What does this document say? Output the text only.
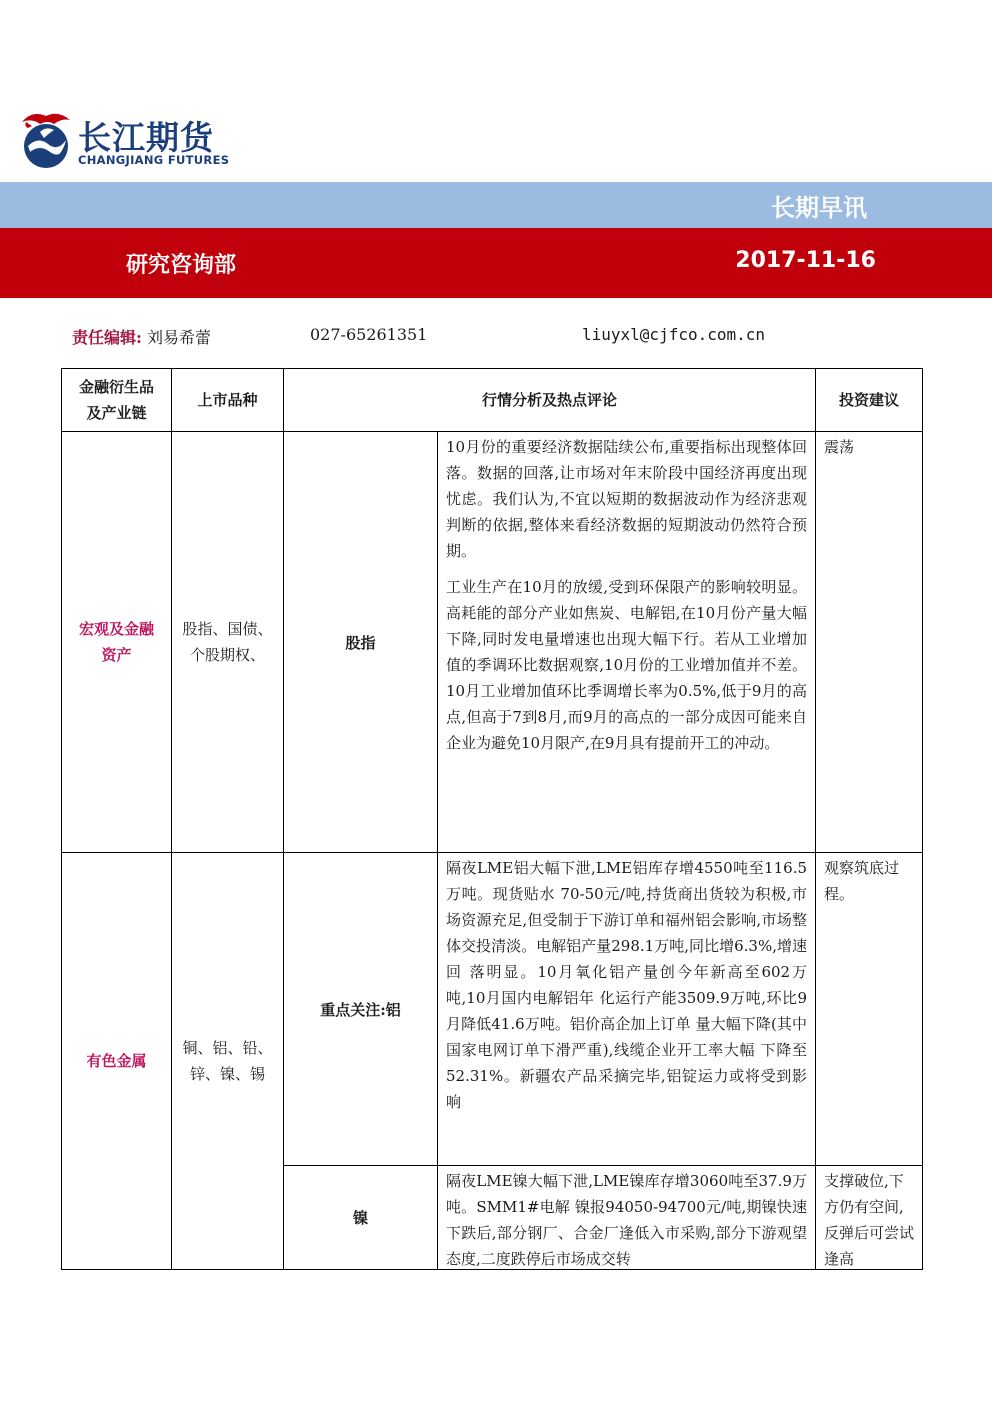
长江期货
CHANGJIANG FUTURES
长期早讯
研究咨询部	2017-11-16
责任编辑: 刘易希蕾	027-65261351	liuyxl@cjfco.com.cn
金融衍生品及产业链	上市品种	行情分析及热点评论		投资建议
宏观及金融资产	股指、国债、个股期权、	股指	10月份的重要经济数据陆续公布,重要指标出现整体回落。数据的回落,让市场对年末阶段中国经济再度出现忧虑。我们认为,不宜以短期的数据波动作为经济悲观判断的依据,整体来看经济数据的短期波动仍然符合预期。

工业生产在10月的放缓,受到环保限产的影响较明显。高耗能的部分产业如焦炭、电解铝,在10月份产量大幅下降,同时发电量增速也出现大幅下行。若从工业增加值的季调环比数据观察,10月份的工业增加值并不差。10月工业增加值环比季调增长率为0.5%,低于9月的高点,但高于7到8月,而9月的高点的一部分成因可能来自企业为避免10月限产,在9月具有提前开工的冲动。	震荡
有色金属	铜、铝、铅、锌、镍、锡	重点关注:铝	隔夜LME铝大幅下泄,LME铝库存增4550吨至116.5万吨。现货贴水 70-50元/吨,持货商出货较为积极,市场资源充足,但受制于下游订单和福州铝会影响,市场整体交投清淡。电解铝产量298.1万吨,同比增6.3%,增速回 落明显。10月氧化铝产量创今年新高至602万吨,10月国内电解铝年 化运行产能3509.9万吨,环比9月降低41.6万吨。铝价高企加上订单 量大幅下降(其中国家电网订单下滑严重),线缆企业开工率大幅 下降至52.31%。新疆农产品采摘完毕,铝锭运力或将受到影响	观察筑底过程。
		镍	隔夜LME镍大幅下泄,LME镍库存增3060吨至37.9万吨。SMM1#电解 镍报94050-94700元/吨,期镍快速下跌后,部分钢厂、合金厂逢低入市采购,部分下游观望态度,二度跌停后市场成交转	支撑破位,下方仍有空间,反弹后可尝试逢高
